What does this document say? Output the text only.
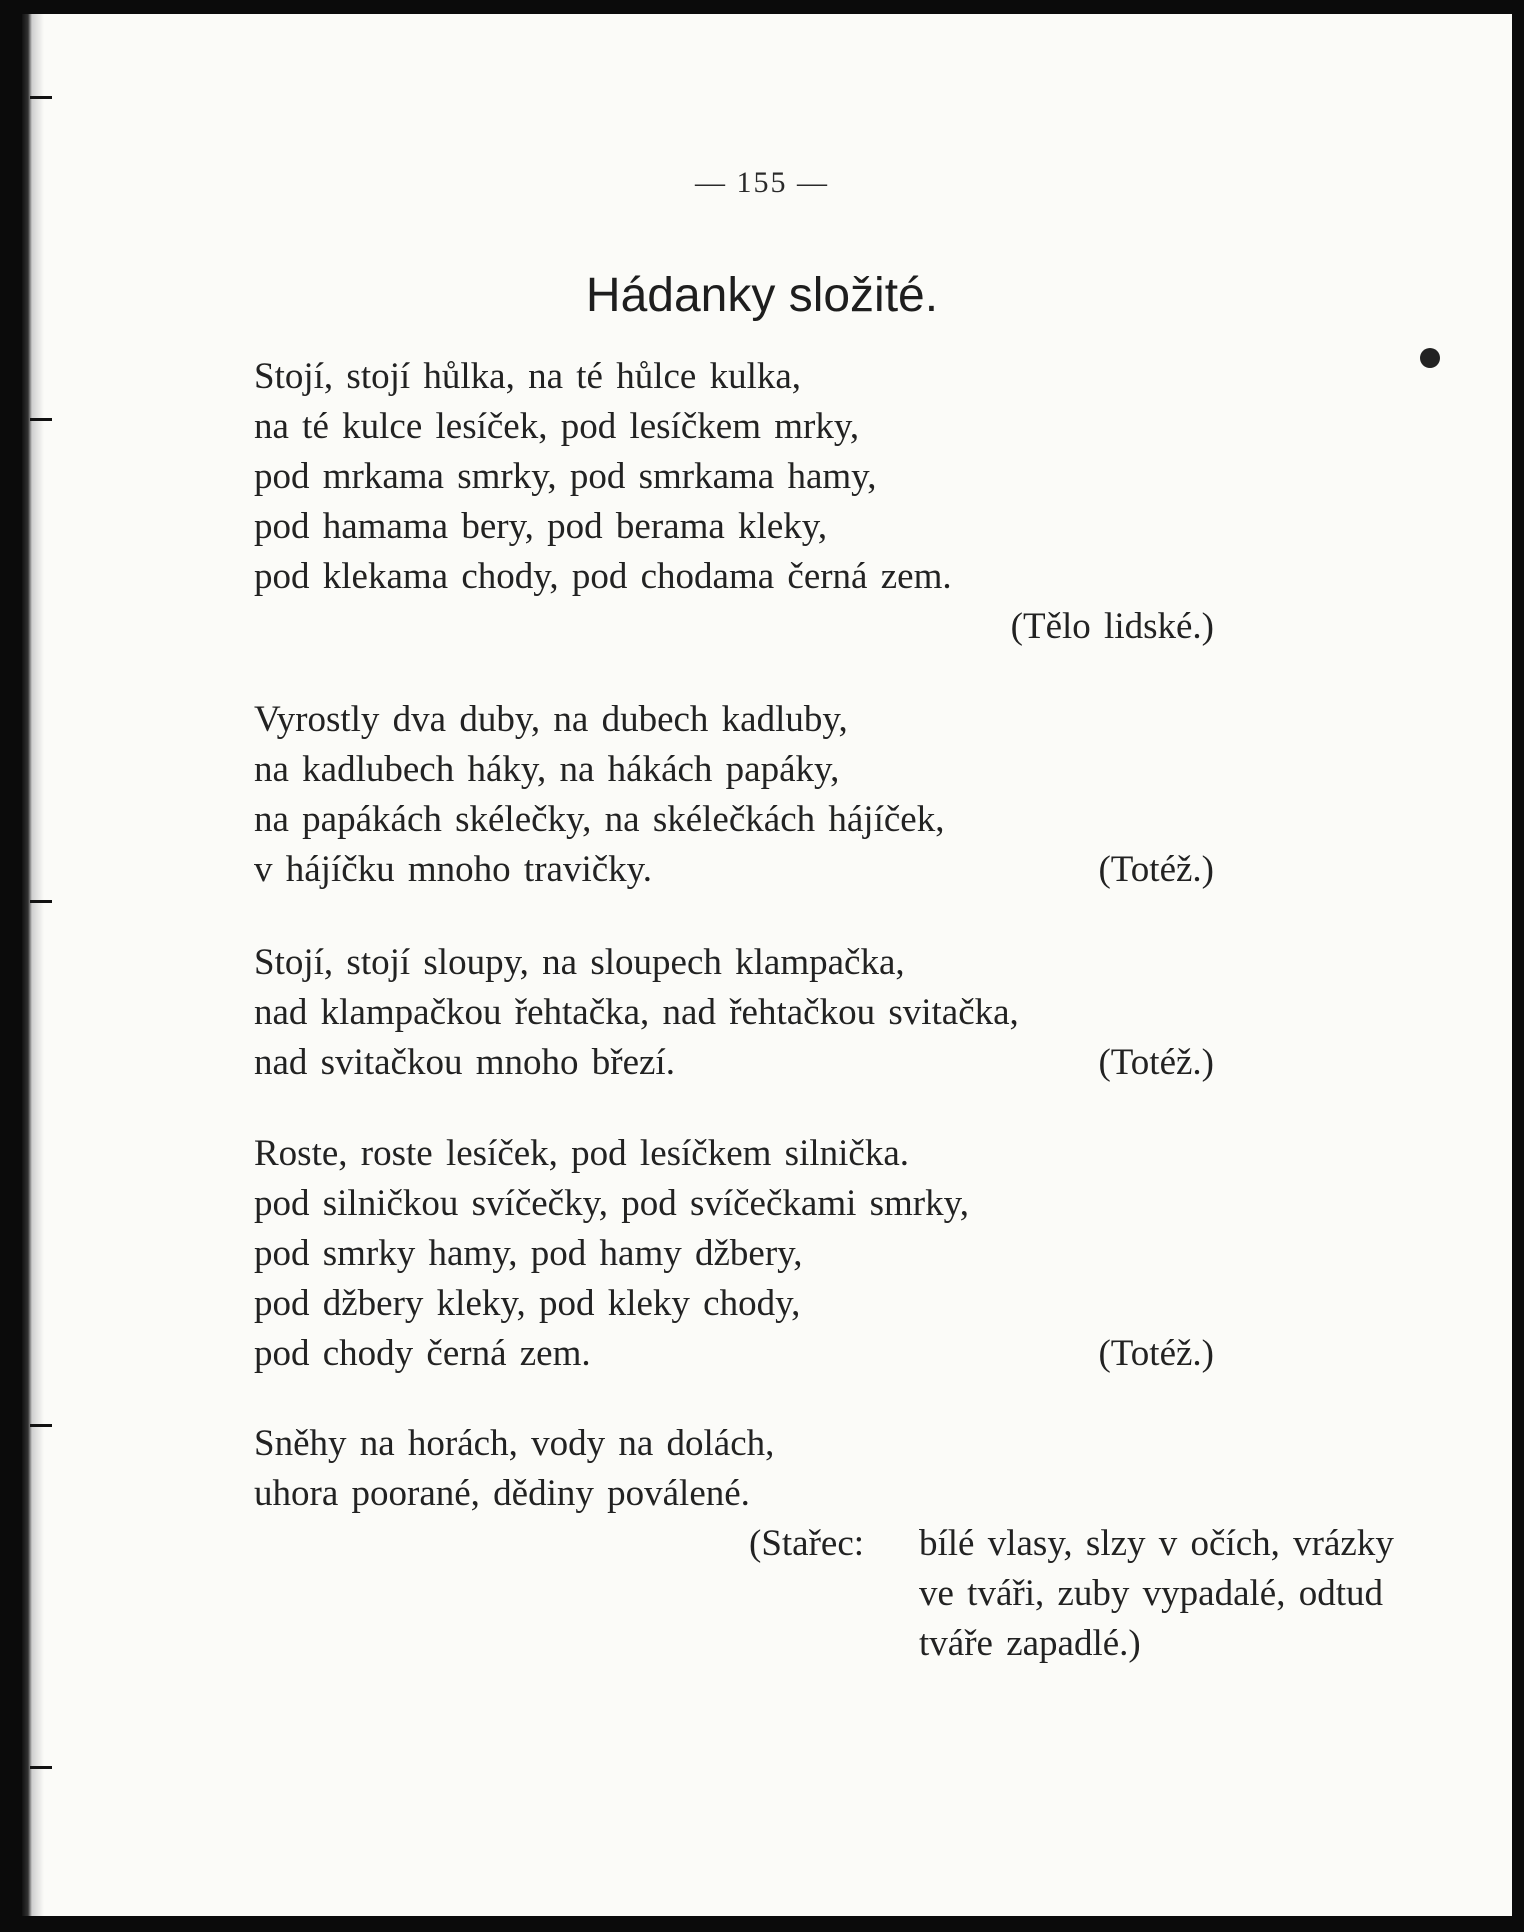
— 155 —
Hádanky složité.
Stojí, stojí hůlka, na té hůlce kulka,
na té kulce lesíček, pod lesíčkem mrky,
pod mrkama smrky, pod smrkama hamy,
pod hamama bery, pod berama kleky,
pod klekama chody, pod chodama černá zem.
(Tělo lidské.)
Vyrostly dva duby, na dubech kadluby,
na kadlubech háky, na hákách papáky,
na papákách skélečky, na skélečkách hájíček,
v hájíčku mnoho travičky.	(Totéž.)
Stojí, stojí sloupy, na sloupech klampačka,
nad klampačkou řehtačka, nad řehtačkou svitačka,
nad svitačkou mnoho březí.	(Totéž.)
Roste, roste lesíček, pod lesíčkem silnička.
pod silničkou svíčečky, pod svíčečkami smrky,
pod smrky hamy, pod hamy džbery,
pod džbery kleky, pod kleky chody,
pod chody černá zem.	(Totéž.)
Sněhy na horách, vody na dolách,
uhora poorané, dědiny poválené.
(Stařec:	bílé vlasy, slzy v očích, vrázky
ve tváři, zuby vypadalé, odtud
tváře zapadlé.)
